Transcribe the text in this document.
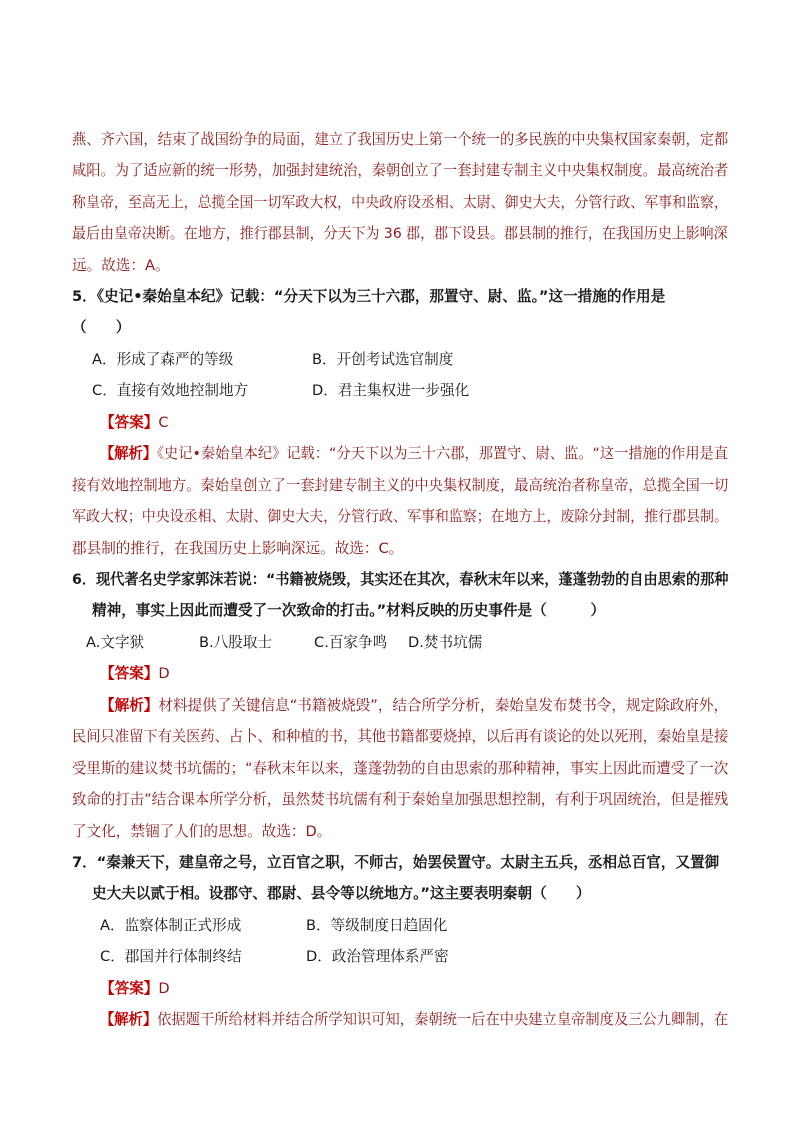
燕、齐六国，结束了战国纷争的局面，建立了我国历史上第一个统一的多民族的中央集权国家秦朝，定都
咸阳。为了适应新的统一形势，加强封建统治，秦朝创立了一套封建专制主义中央集权制度。最高统治者
称皇帝，至高无上，总揽全国一切军政大权，中央政府设丞相、太尉、御史大夫，分管行政、军事和监察，
最后由皇帝决断。在地方，推行郡县制，分天下为 36 郡，郡下设县。郡县制的推行，在我国历史上影响深
远。故选：A。
5．《史记•秦始皇本纪》记载：“分天下以为三十六郡，那置守、尉、监。”这一措施的作用是
（　　）
A．形成了森严的等级	B．开创考试选官制度
C．直接有效地控制地方	D．君主集权进一步强化
【答案】C
【解析】《史记•秦始皇本纪》记载：“分天下以为三十六郡，那置守、尉、监。“这一措施的作用是直
接有效地控制地方。秦始皇创立了一套封建专制主义的中央集权制度，最高统治者称皇帝，总揽全国一切
军政大权；中央设丞相、太尉、御史大夫，分管行政、军事和监察；在地方上，废除分封制，推行郡县制。
郡县制的推行，在我国历史上影响深远。故选：C。
6．现代著名史学家郭沫若说：“书籍被烧毁，其实还在其次，春秋末年以来，蓬蓬勃勃的自由思索的那种
精神，事实上因此而遭受了一次致命的打击。”材料反映的历史事件是（　　　）
A.文字狱	B.八股取士	C.百家争鸣 D.焚书坑儒
【答案】D
【解析】材料提供了关键信息“书籍被烧毁”，结合所学分析，秦始皇发布焚书令，规定除政府外，
民间只准留下有关医药、占卜、和种植的书，其他书籍都要烧掉，以后再有谈论的处以死刑，秦始皇是接
受里斯的建议焚书坑儒的；“春秋末年以来，蓬蓬勃勃的自由思索的那种精神，事实上因此而遭受了一次
致命的打击”结合课本所学分析，虽然焚书坑儒有利于秦始皇加强思想控制，有利于巩固统治，但是摧残
了文化，禁锢了人们的思想。故选：D。
7．“秦兼天下，建皇帝之号，立百官之职，不师古，始罢侯置守。太尉主五兵，丞相总百官，又置御
史大夫以贰于相。设郡守、郡尉、县令等以统地方。”这主要表明秦朝（　　）
A．监察体制正式形成	B．等级制度日趋固化
C．郡国并行体制终结	D．政治管理体系严密
【答案】D
【解析】依据题干所给材料并结合所学知识可知，秦朝统一后在中央建立皇帝制度及三公九卿制，在
